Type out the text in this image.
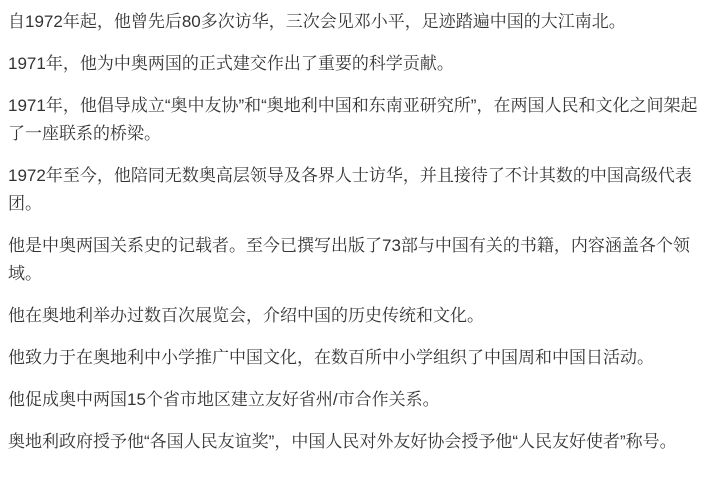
自1972年起，他曾先后80多次访华，三次会见邓小平，足迹踏遍中国的大江南北。

1971年，他为中奥两国的正式建交作出了重要的科学贡献。

1971年，他倡导成立“奥中友协”和“奥地利中国和东南亚研究所”，在两国人民和文化之间架起了一座联系的桥梁。

1972年至今，他陪同无数奥高层领导及各界人士访华，并且接待了不计其数的中国高级代表团。

他是中奥两国关系史的记载者。至今已撰写出版了73部与中国有关的书籍，内容涵盖各个领域。

他在奥地利举办过数百次展览会，介绍中国的历史传统和文化。

他致力于在奥地利中小学推广中国文化，在数百所中小学组织了中国周和中国日活动。

他促成奥中两国15个省市地区建立友好省州/市合作关系。

奥地利政府授予他“各国人民友谊奖”，中国人民对外友好协会授予他“人民友好使者”称号。
